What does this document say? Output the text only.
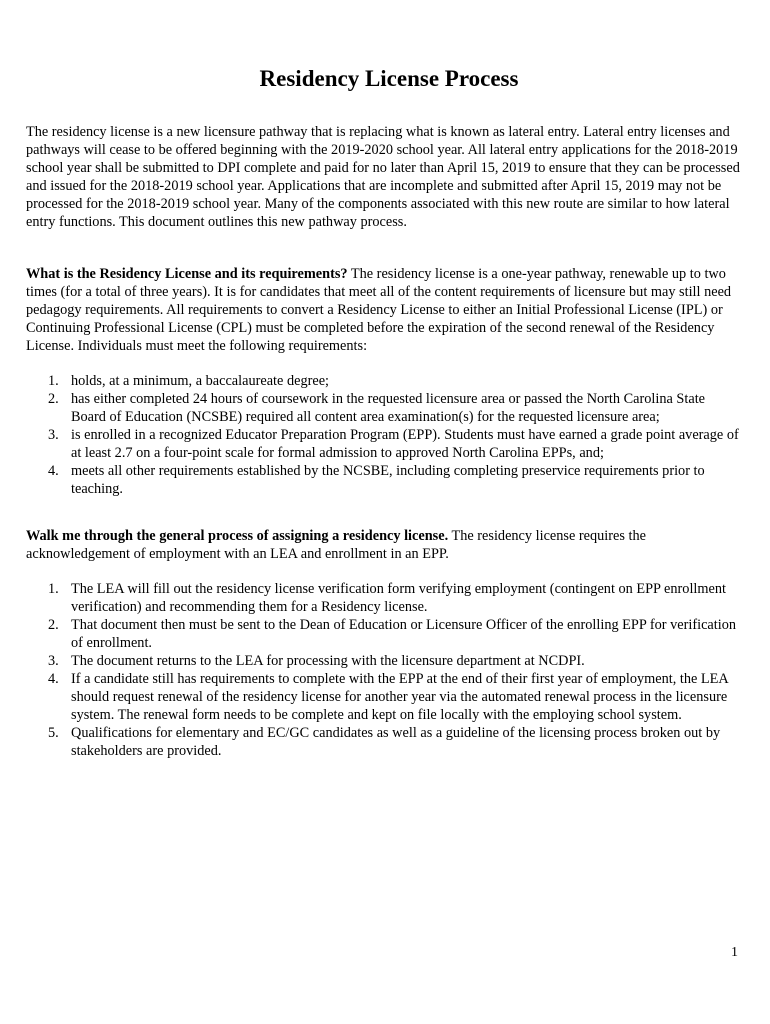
Residency License Process

The residency license is a new licensure pathway that is replacing what is known as lateral entry. Lateral entry licenses and pathways will cease to be offered beginning with the 2019-2020 school year. All lateral entry applications for the 2018-2019 school year shall be submitted to DPI complete and paid for no later than April 15, 2019 to ensure that they can be processed and issued for the 2018-2019 school year. Applications that are incomplete and submitted after April 15, 2019 may not be processed for the 2018-2019 school year. Many of the components associated with this new route are similar to how lateral entry functions. This document outlines this new pathway process.

What is the Residency License and its requirements? The residency license is a one-year pathway, renewable up to two times (for a total of three years). It is for candidates that meet all of the content requirements of licensure but may still need pedagogy requirements. All requirements to convert a Residency License to either an Initial Professional License (IPL) or Continuing Professional License (CPL) must be completed before the expiration of the second renewal of the Residency License. Individuals must meet the following requirements:

1. holds, at a minimum, a baccalaureate degree;
2. has either completed 24 hours of coursework in the requested licensure area or passed the North Carolina State Board of Education (NCSBE) required all content area examination(s) for the requested licensure area;
3. is enrolled in a recognized Educator Preparation Program (EPP). Students must have earned a grade point average of at least 2.7 on a four-point scale for formal admission to approved North Carolina EPPs, and;
4. meets all other requirements established by the NCSBE, including completing preservice requirements prior to teaching.

Walk me through the general process of assigning a residency license. The residency license requires the acknowledgement of employment with an LEA and enrollment in an EPP.

1. The LEA will fill out the residency license verification form verifying employment (contingent on EPP enrollment verification) and recommending them for a Residency license.
2. That document then must be sent to the Dean of Education or Licensure Officer of the enrolling EPP for verification of enrollment.
3. The document returns to the LEA for processing with the licensure department at NCDPI.
4. If a candidate still has requirements to complete with the EPP at the end of their first year of employment, the LEA should request renewal of the residency license for another year via the automated renewal process in the licensure system. The renewal form needs to be complete and kept on file locally with the employing school system.
5. Qualifications for elementary and EC/GC candidates as well as a guideline of the licensing process broken out by stakeholders are provided.
1
